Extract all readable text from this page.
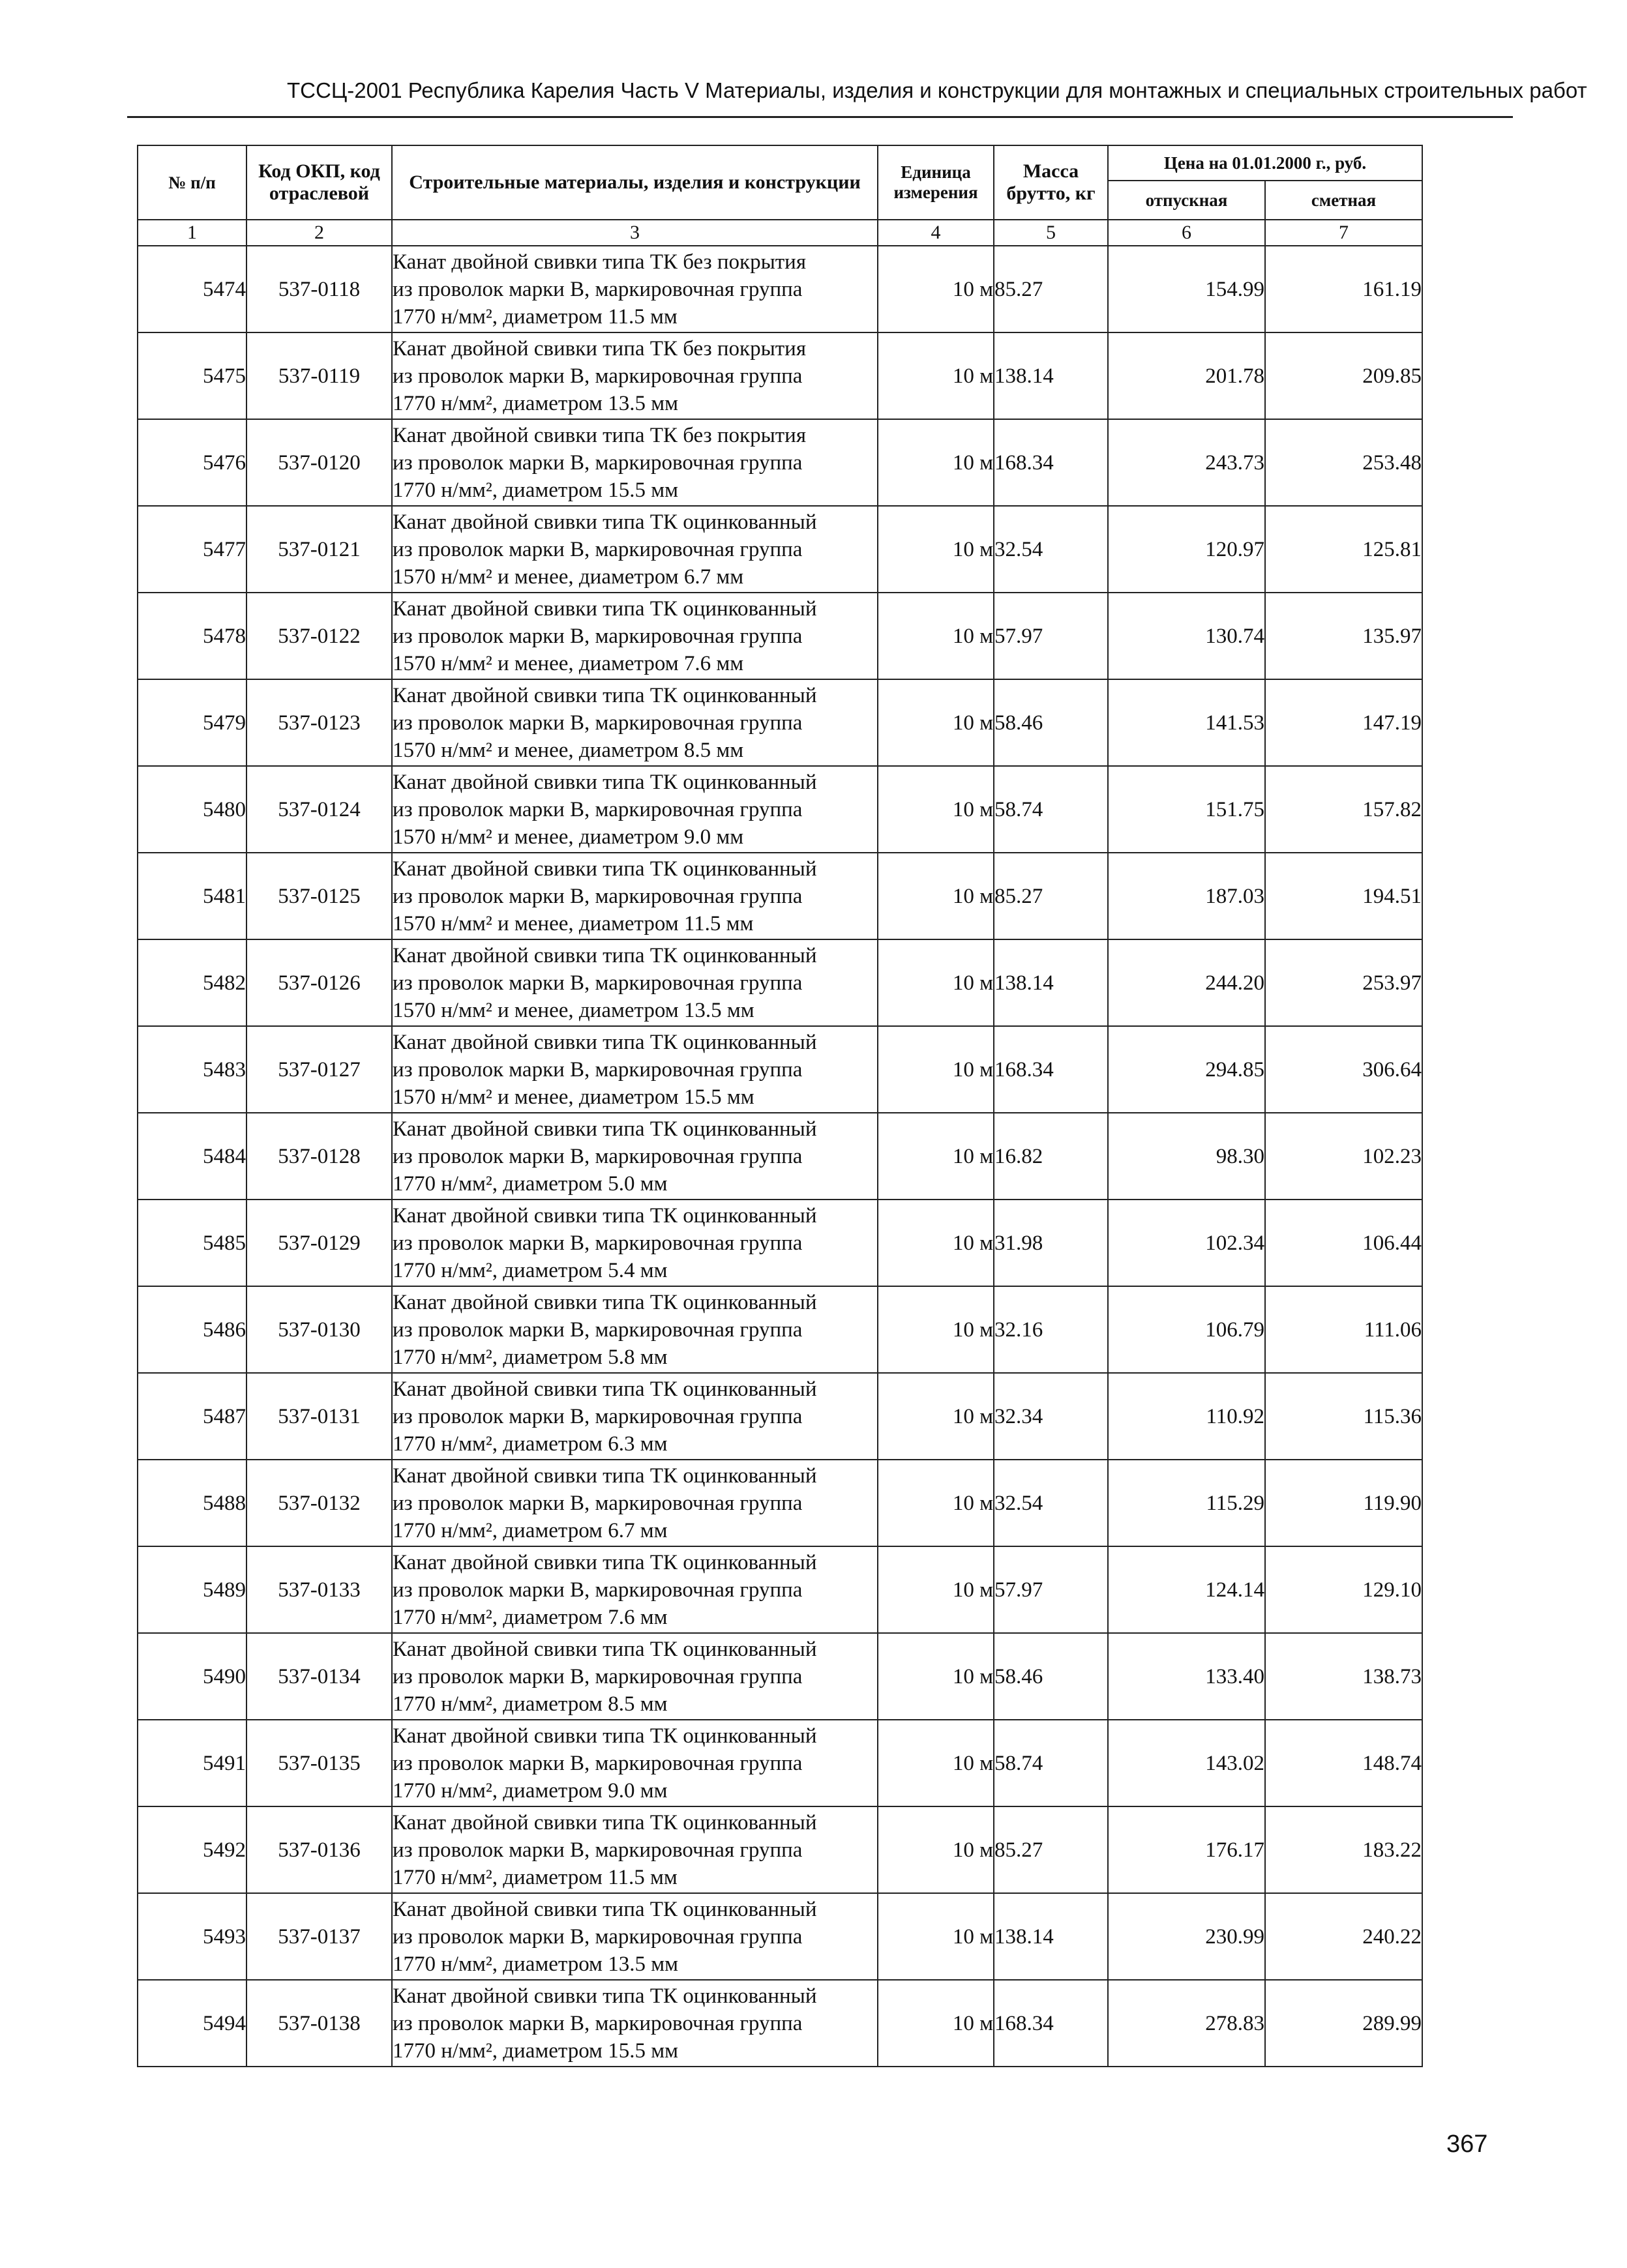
ТССЦ-2001 Республика Карелия Часть V Материалы, изделия и конструкции для монтажных и специальных строительных работ
№ п/п	Код ОКП, код отраслевой	Строительные материалы, изделия и конструкции	Единица измерения	Масса брутто, кг	Цена на 01.01.2000 г., руб.	
					отпускная	сметная
1	2	3	4	5	6	7
5474	537-0118	Канат двойной свивки типа ТК без покрытия
из проволок марки В, маркировочная группа
1770 н/мм², диаметром 11.5 мм	10 м	85.27	154.99	161.19
5475	537-0119	Канат двойной свивки типа ТК без покрытия
из проволок марки В, маркировочная группа
1770 н/мм², диаметром 13.5 мм	10 м	138.14	201.78	209.85
5476	537-0120	Канат двойной свивки типа ТК без покрытия
из проволок марки В, маркировочная группа
1770 н/мм², диаметром 15.5 мм	10 м	168.34	243.73	253.48
5477	537-0121	Канат двойной свивки типа ТК оцинкованный
из проволок марки В, маркировочная группа
1570 н/мм² и менее, диаметром 6.7 мм	10 м	32.54	120.97	125.81
5478	537-0122	Канат двойной свивки типа ТК оцинкованный
из проволок марки В, маркировочная группа
1570 н/мм² и менее, диаметром 7.6 мм	10 м	57.97	130.74	135.97
5479	537-0123	Канат двойной свивки типа ТК оцинкованный
из проволок марки В, маркировочная группа
1570 н/мм² и менее, диаметром 8.5 мм	10 м	58.46	141.53	147.19
5480	537-0124	Канат двойной свивки типа ТК оцинкованный
из проволок марки В, маркировочная группа
1570 н/мм² и менее, диаметром 9.0 мм	10 м	58.74	151.75	157.82
5481	537-0125	Канат двойной свивки типа ТК оцинкованный
из проволок марки В, маркировочная группа
1570 н/мм² и менее, диаметром 11.5 мм	10 м	85.27	187.03	194.51
5482	537-0126	Канат двойной свивки типа ТК оцинкованный
из проволок марки В, маркировочная группа
1570 н/мм² и менее, диаметром 13.5 мм	10 м	138.14	244.20	253.97
5483	537-0127	Канат двойной свивки типа ТК оцинкованный
из проволок марки В, маркировочная группа
1570 н/мм² и менее, диаметром 15.5 мм	10 м	168.34	294.85	306.64
5484	537-0128	Канат двойной свивки типа ТК оцинкованный
из проволок марки В, маркировочная группа
1770 н/мм², диаметром 5.0 мм	10 м	16.82	98.30	102.23
5485	537-0129	Канат двойной свивки типа ТК оцинкованный
из проволок марки В, маркировочная группа
1770 н/мм², диаметром 5.4 мм	10 м	31.98	102.34	106.44
5486	537-0130	Канат двойной свивки типа ТК оцинкованный
из проволок марки В, маркировочная группа
1770 н/мм², диаметром 5.8 мм	10 м	32.16	106.79	111.06
5487	537-0131	Канат двойной свивки типа ТК оцинкованный
из проволок марки В, маркировочная группа
1770 н/мм², диаметром 6.3 мм	10 м	32.34	110.92	115.36
5488	537-0132	Канат двойной свивки типа ТК оцинкованный
из проволок марки В, маркировочная группа
1770 н/мм², диаметром 6.7 мм	10 м	32.54	115.29	119.90
5489	537-0133	Канат двойной свивки типа ТК оцинкованный
из проволок марки В, маркировочная группа
1770 н/мм², диаметром 7.6 мм	10 м	57.97	124.14	129.10
5490	537-0134	Канат двойной свивки типа ТК оцинкованный
из проволок марки В, маркировочная группа
1770 н/мм², диаметром 8.5 мм	10 м	58.46	133.40	138.73
5491	537-0135	Канат двойной свивки типа ТК оцинкованный
из проволок марки В, маркировочная группа
1770 н/мм², диаметром 9.0 мм	10 м	58.74	143.02	148.74
5492	537-0136	Канат двойной свивки типа ТК оцинкованный
из проволок марки В, маркировочная группа
1770 н/мм², диаметром 11.5 мм	10 м	85.27	176.17	183.22
5493	537-0137	Канат двойной свивки типа ТК оцинкованный
из проволок марки В, маркировочная группа
1770 н/мм², диаметром 13.5 мм	10 м	138.14	230.99	240.22
5494	537-0138	Канат двойной свивки типа ТК оцинкованный
из проволок марки В, маркировочная группа
1770 н/мм², диаметром 15.5 мм	10 м	168.34	278.83	289.99
367
